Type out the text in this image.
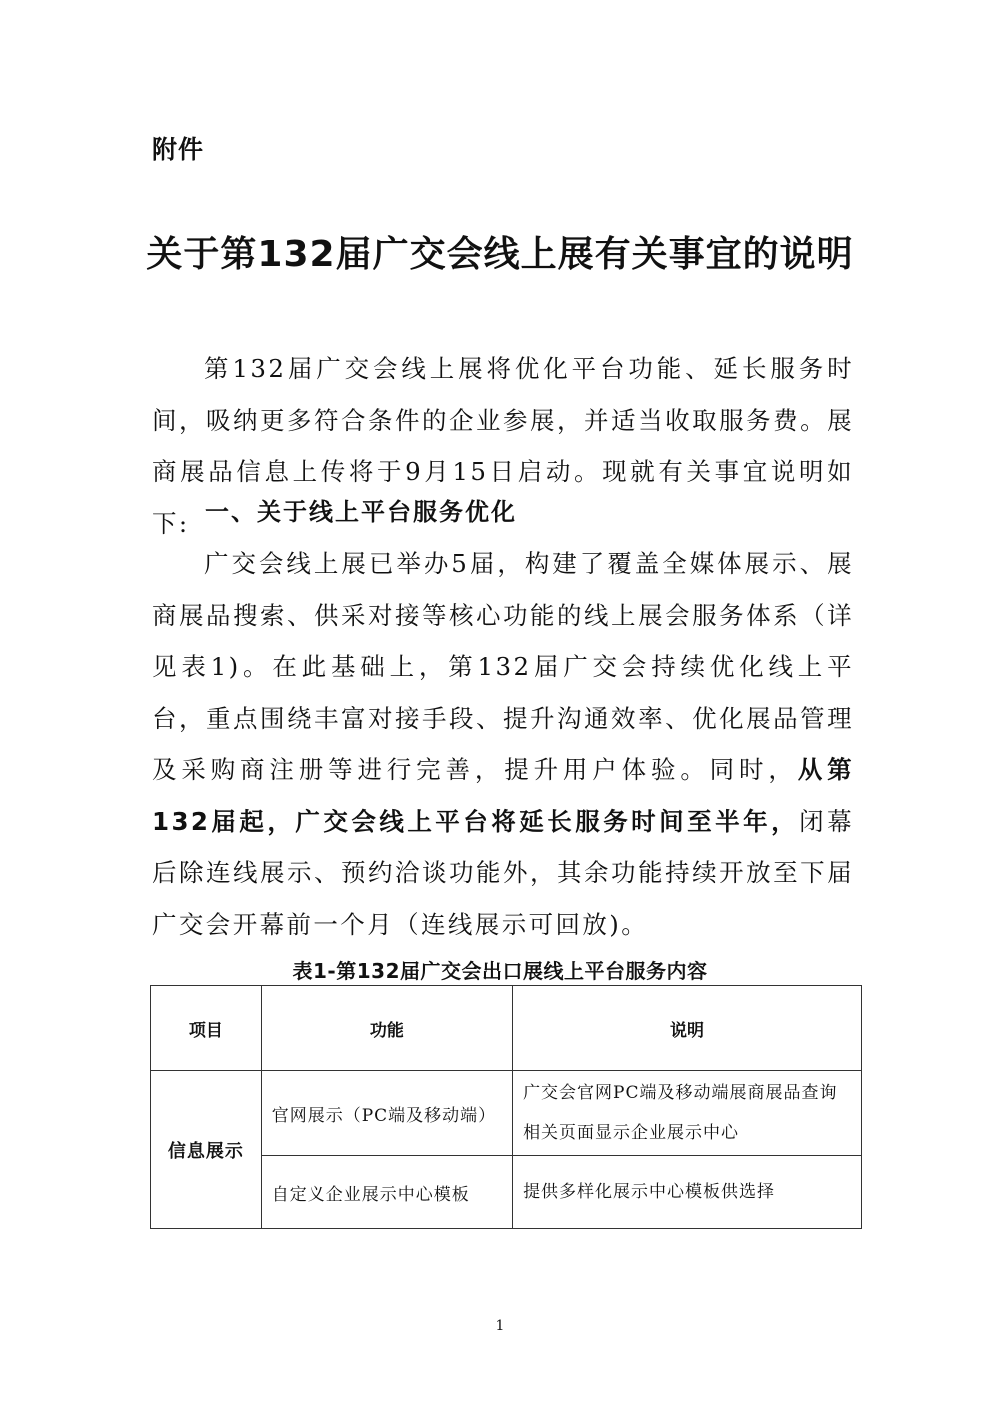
附件
关于第132届广交会线上展有关事宜的说明
第132届广交会线上展将优化平台功能、延长服务时间，吸纳更多符合条件的企业参展，并适当收取服务费。展商展品信息上传将于9月15日启动。现就有关事宜说明如下: 一、关于线上平台服务优化
广交会线上展已举办5届，构建了覆盖全媒体展示、展商展品搜索、供采对接等核心功能的线上展会服务体系（详见表1)。在此基础上，第132届广交会持续优化线上平台，重点围绕丰富对接手段、提升沟通效率、优化展品管理及采购商注册等进行完善，提升用户体验。同时，从第132届起，广交会线上平台将延长服务时间至半年，闭幕后除连线展示、预约洽谈功能外，其余功能持续开放至下届广交会开幕前一个月（连线展示可回放)。
表1-第132届广交会出口展线上平台服务内容
项目	功能	说明
信息展示	官网展示（PC端及移动端）	广交会官网PC端及移动端展商展品查询相关页面显示企业展示中心
	自定义企业展示中心模板	提供多样化展示中心模板供选择
1
